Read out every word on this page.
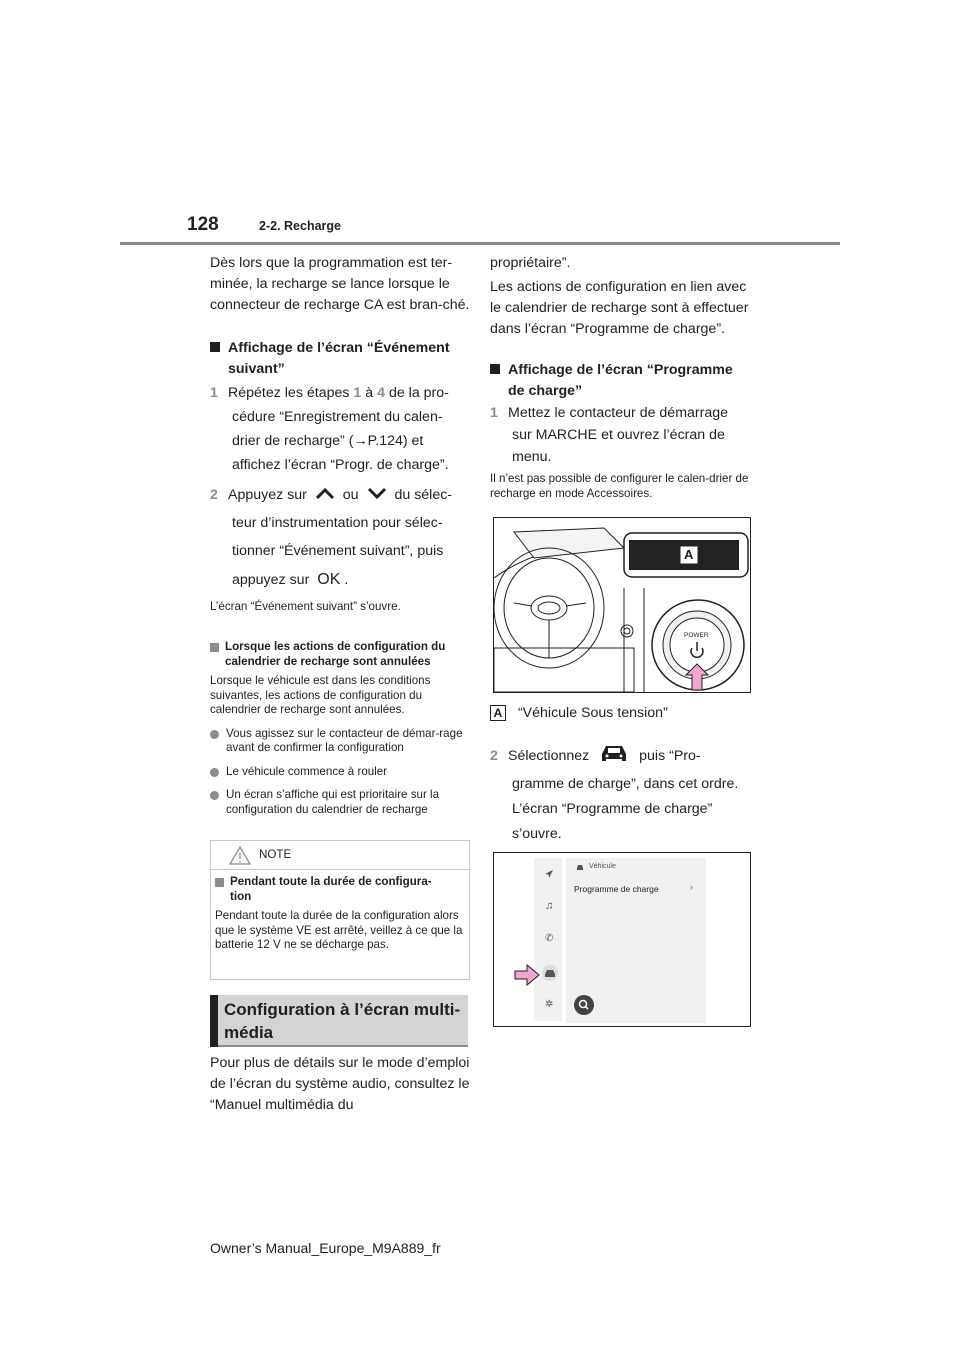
128	2-2. Recharge
Dès lors que la programmation est ter-minée, la recharge se lance lorsque le connecteur de recharge CA est bran-ché.
Affichage de l’écran “Événement
suivant”
1 Répétez les étapes 1 à 4 de la pro-
cédure “Enregistrement du calen-
drier de recharge” (→P.124) et
affichez l’écran “Progr. de charge”.
2 Appuyez sur	ou	du sélec-
teur d’instrumentation pour sélec-
tionner “Événement suivant”, puis
appuyez sur OK .
L’écran “Événement suivant” s’ouvre.
Lorsque les actions de configuration du
calendrier de recharge sont annulées
Lorsque le véhicule est dans les conditions suivantes, les actions de configuration du calendrier de recharge sont annulées.
Vous agissez sur le contacteur de démar-rage avant de confirmer la configuration
Le véhicule commence à rouler
Un écran s’affiche qui est prioritaire sur la configuration du calendrier de recharge
NOTE
Pendant toute la durée de configura-
tion
Pendant toute la durée de la configuration alors que le système VE est arrêté, veillez à ce que la batterie 12 V ne se décharge pas.
Configuration à l’écran multi-média
Pour plus de détails sur le mode d’emploi de l’écran du système audio, consultez le “Manuel multimédia du
propriétaire”.
Les actions de configuration en lien avec le calendrier de recharge sont à effectuer dans l’écran “Programme de charge”.
Affichage de l’écran “Programme
de charge”
1 Mettez le contacteur de démarrage
sur MARCHE et ouvrez l’écran de
menu.
Il n’est pas possible de configurer le calen-drier de recharge en mode Accessoires.
A
POWER
A “Véhicule Sous tension”
2 Sélectionnez	puis “Pro-
gramme de charge”, dans cet ordre.
L’écran “Programme de charge”
s’ouvre.
♫
✆
✲
Véhicule
Programme de charge	›
Owner’s Manual_Europe_M9A889_fr
